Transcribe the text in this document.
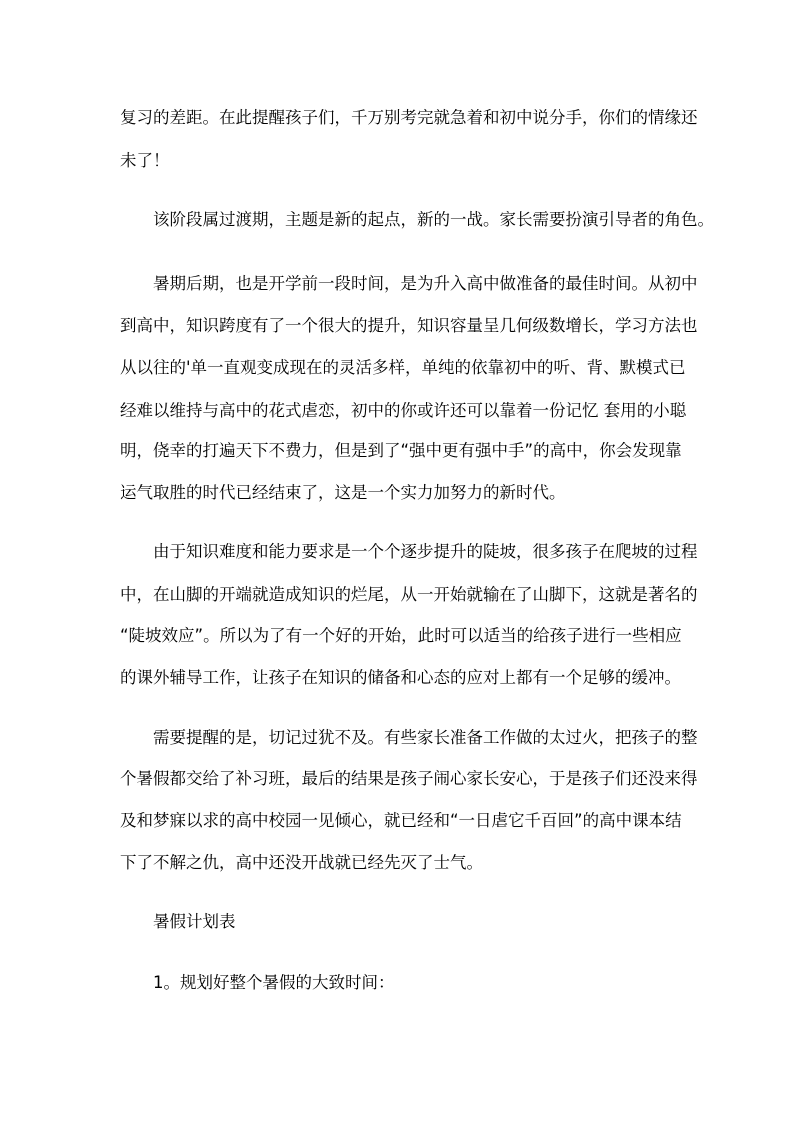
复习的差距。在此提醒孩子们，千万别考完就急着和初中说分手，你们的情缘还
未了！
该阶段属过渡期，主题是新的起点，新的一战。家长需要扮演引导者的角色。
暑期后期，也是开学前一段时间，是为升入高中做准备的最佳时间。从初中
到高中，知识跨度有了一个很大的提升，知识容量呈几何级数增长，学习方法也
从以往的'单一直观变成现在的灵活多样，单纯的依靠初中的听、背、默模式已
经难以维持与高中的花式虐恋，初中的你或许还可以靠着一份记忆 套用的小聪
明，侥幸的打遍天下不费力，但是到了“强中更有强中手”的高中，你会发现靠
运气取胜的时代已经结束了，这是一个实力加努力的新时代。
由于知识难度和能力要求是一个个逐步提升的陡坡，很多孩子在爬坡的过程
中，在山脚的开端就造成知识的烂尾，从一开始就输在了山脚下，这就是著名的
“陡坡效应”。所以为了有一个好的开始，此时可以适当的给孩子进行一些相应
的课外辅导工作，让孩子在知识的储备和心态的应对上都有一个足够的缓冲。
需要提醒的是，切记过犹不及。有些家长准备工作做的太过火，把孩子的整
个暑假都交给了补习班，最后的结果是孩子闹心家长安心，于是孩子们还没来得
及和梦寐以求的高中校园一见倾心，就已经和“一日虐它千百回”的高中课本结
下了不解之仇，高中还没开战就已经先灭了士气。
暑假计划表
1。规划好整个暑假的大致时间：
